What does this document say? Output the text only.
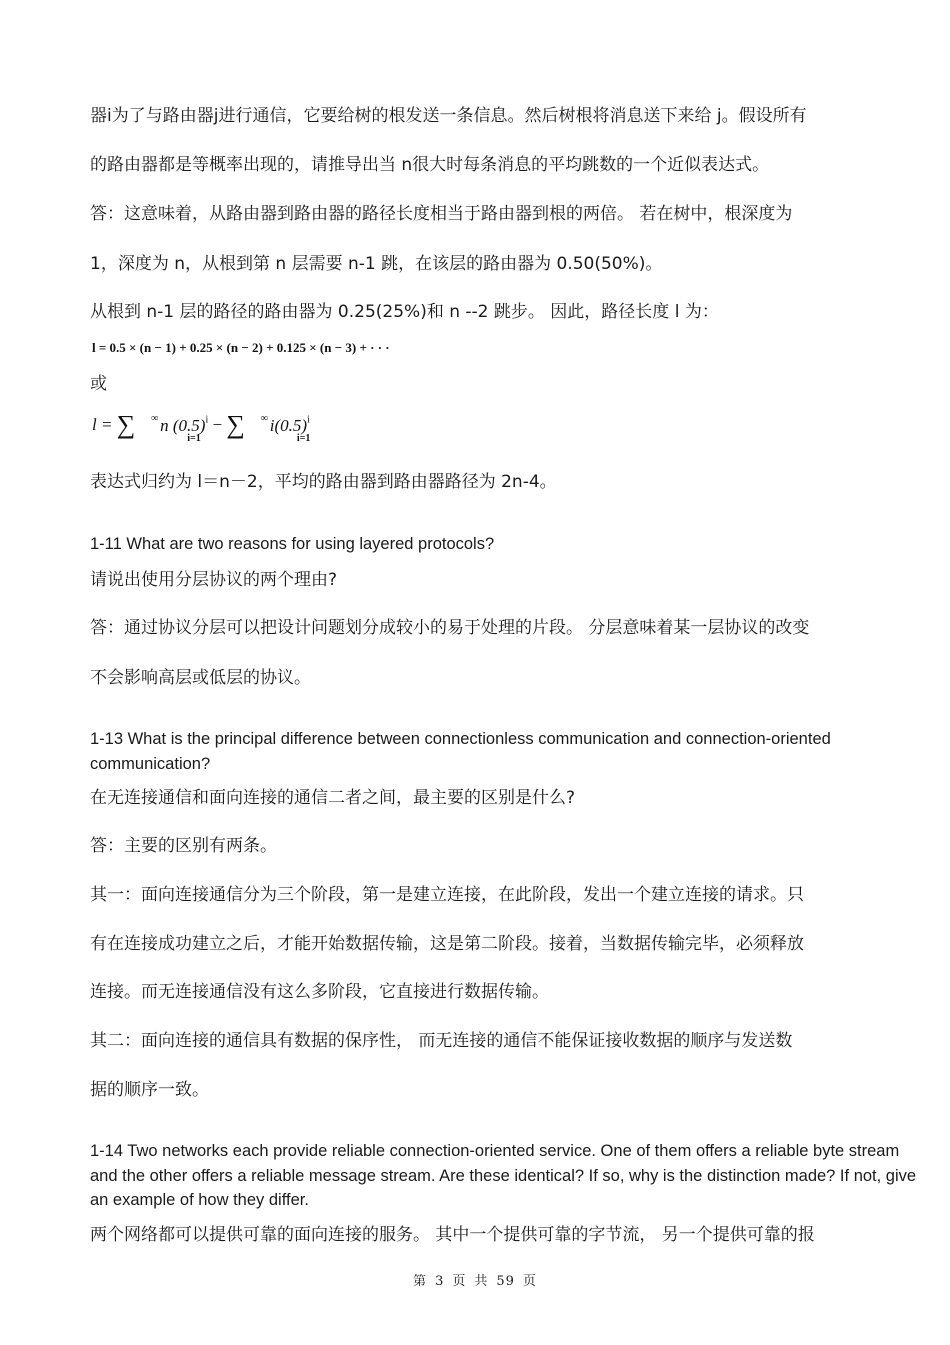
器i为了与路由器j进行通信，它要给树的根发送一条信息。然后树根将消息送下来给 j。假设所有
的路由器都是等概率出现的，请推导出当 n很大时每条消息的平均跳数的一个近似表达式。
答：这意味着，从路由器到路由器的路径长度相当于路由器到根的两倍。 若在树中，根深度为
1，深度为 n，从根到第 n 层需要 n-1 跳，在该层的路由器为 0.50(50%)。
从根到 n-1 层的路径的路由器为 0.25(25%)和 n --2 跳步。 因此，路径长度 l 为：
l = 0.5 × (n − 1) + 0.25 × (n − 2) + 0.125 × (n − 3) + · · ·
或
l = ∑ ∞i=1 n $(0.5)^i$ − ∑ ∞i=1 $i(0.5)^i$
表达式归约为 l＝n－2，平均的路由器到路由器路径为 2n-4。
1-11 What are two reasons for using layered protocols?
请说出使用分层协议的两个理由?
答：通过协议分层可以把设计问题划分成较小的易于处理的片段。 分层意味着某一层协议的改变
不会影响高层或低层的协议。
1-13 What is the principal difference between connectionless communication and connection-oriented communication?
在无连接通信和面向连接的通信二者之间，最主要的区别是什么?
答：主要的区别有两条。
其一：面向连接通信分为三个阶段，第一是建立连接，在此阶段，发出一个建立连接的请求。只
有在连接成功建立之后，才能开始数据传输，这是第二阶段。接着，当数据传输完毕，必须释放
连接。而无连接通信没有这么多阶段，它直接进行数据传输。
其二：面向连接的通信具有数据的保序性， 而无连接的通信不能保证接收数据的顺序与发送数
据的顺序一致。
1-14 Two networks each provide reliable connection-oriented service. One of them offers a reliable byte stream and the other offers a reliable message stream. Are these identical? If so, why is the distinction made? If not, give an example of how they differ.
两个网络都可以提供可靠的面向连接的服务。 其中一个提供可靠的字节流， 另一个提供可靠的报
第 3 页 共 59 页
